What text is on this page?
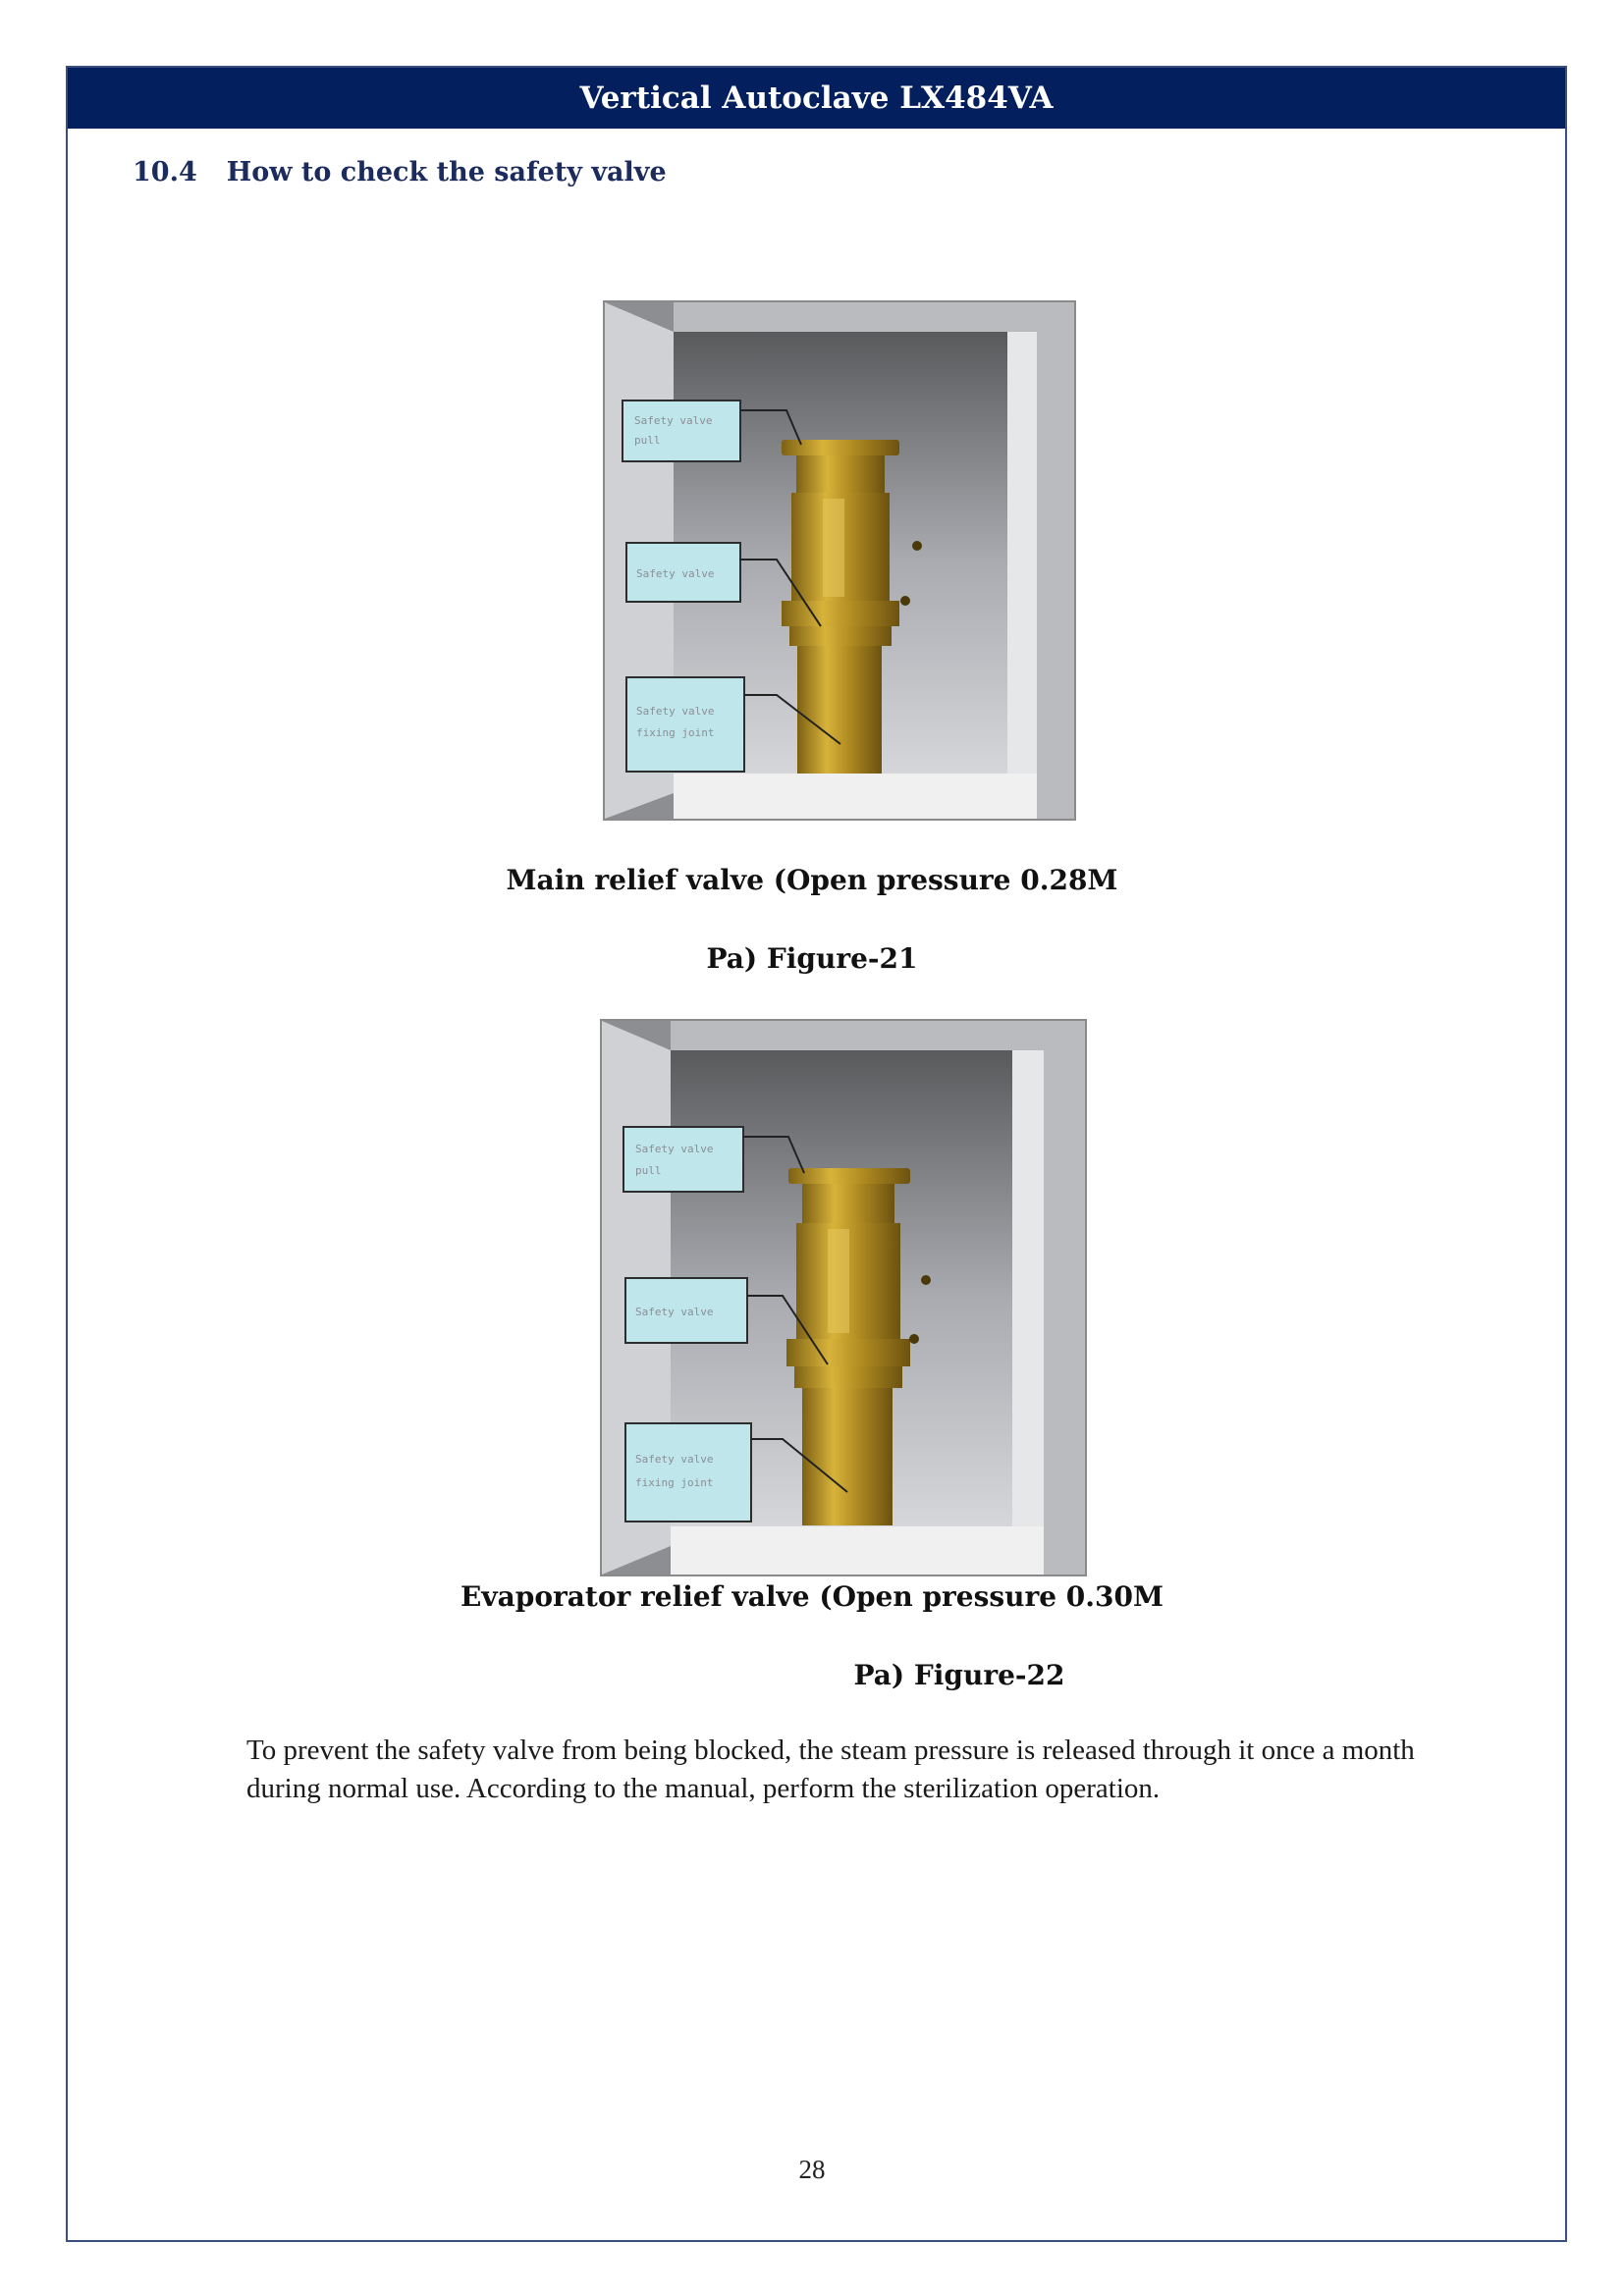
Vertical Autoclave LX484VA
10.4 How to check the safety valve
Safety valve
pull
Safety valve
Safety valve
fixing joint
Main relief valve (Open pressure 0.28M
Pa) Figure-21
Safety valve
pull
Safety valve
Safety valve
fixing joint
Evaporator relief valve (Open pressure 0.30M
Pa) Figure-22
To prevent the safety valve from being blocked, the steam pressure is released through it once a month during normal use. According to the manual, perform the sterilization operation.
28
